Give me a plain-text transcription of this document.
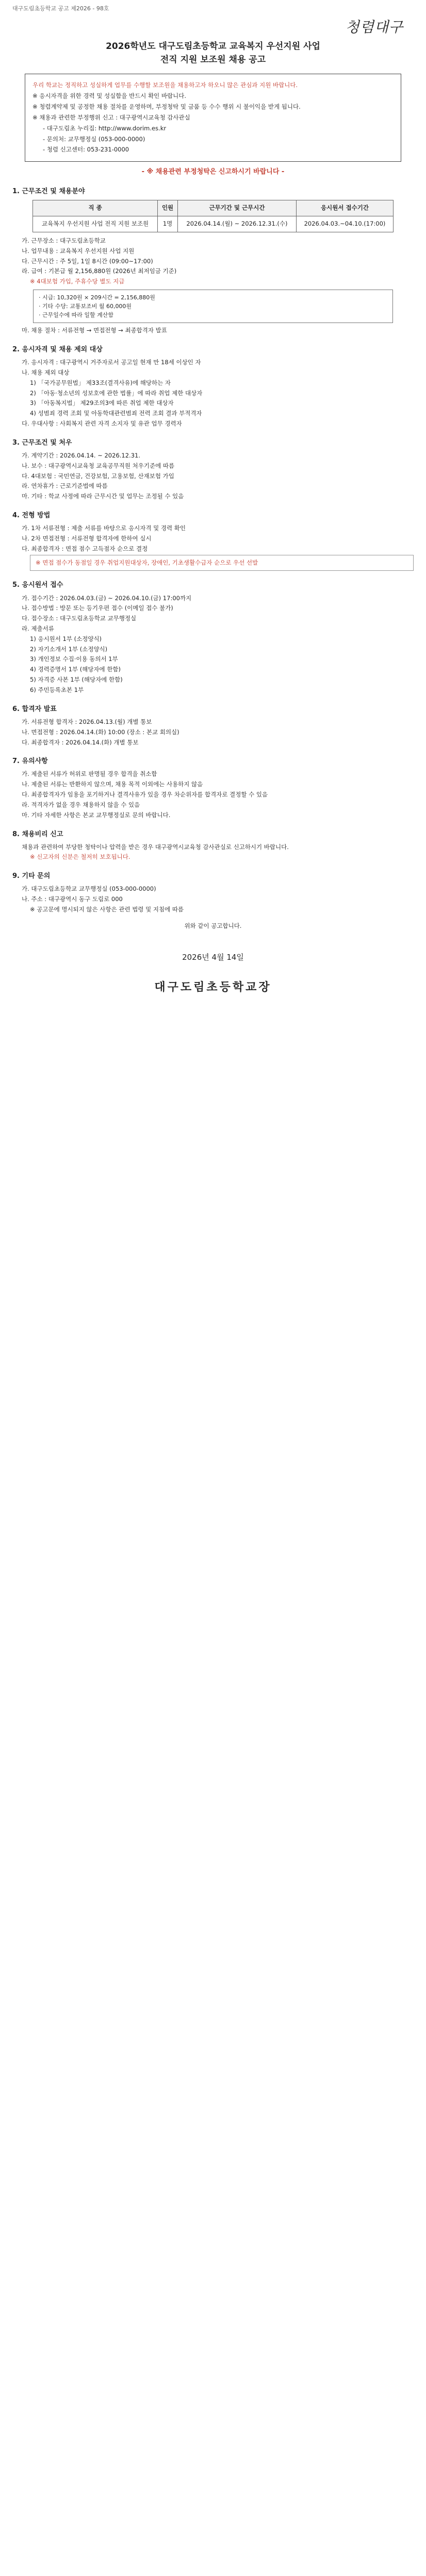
대구도림초등학교 공고 제2026 - 98호
청렴대구
2026학년도 대구도림초등학교 교육복지 우선지원 사업
전직 지원 보조원 채용 공고

우리 학교는 정직하고 성실하게 업무를 수행할 보조원을 채용하고자 하오니 많은 관심과 지원 바랍니다.

※ 응시자격을 위한 경력 및 성실함을 반드시 확인 바랍니다.

※ 청렴계약제 및 공정한 채용 절차를 운영하며, 부정청탁 및 금품 등 수수 행위 시 불이익을 받게 됩니다.

※ 채용과 관련한 부정행위 신고 : 대구광역시교육청 감사관실

- 대구도림초 누리집: http://www.dorim.es.kr

- 문의처: 교무행정실 (053-000-0000)

- 청렴 신고센터: 053-231-0000

- ※ 채용관련 부정청탁은 신고하시기 바랍니다 -
1. 근무조건 및 채용분야
직 종	인원	근무기간 및 근무시간	응시원서 접수기간
교육복지 우선지원 사업 전직 지원 보조원	1명	2026.04.14.(월) ~ 2026.12.31.(수)	2026.04.03.~04.10.(17:00)

가. 근무장소 : 대구도림초등학교

나. 업무내용 : 교육복지 우선지원 사업 지원

다. 근무시간 : 주 5일, 1일 8시간 (09:00~17:00)

라. 급여 : 기본급 월 2,156,880원 (2026년 최저임금 기준)

※ 4대보험 가입, 주휴수당 별도 지급

· 시급: 10,320원 × 209시간 = 2,156,880원
· 기타 수당: 교통보조비 월 60,000원
· 근무일수에 따라 일할 계산함

마. 채용 절차 : 서류전형 → 면접전형 → 최종합격자 발표

2. 응시자격 및 채용 제외 대상

가. 응시자격 : 대구광역시 거주자로서 공고일 현재 만 18세 이상인 자

나. 채용 제외 대상

1) 「국가공무원법」 제33조(결격사유)에 해당하는 자

2) 「아동·청소년의 성보호에 관한 법률」에 따라 취업 제한 대상자

3) 「아동복지법」 제29조의3에 따른 취업 제한 대상자

4) 성범죄 경력 조회 및 아동학대관련범죄 전력 조회 결과 부적격자

다. 우대사항 : 사회복지 관련 자격 소지자 및 유관 업무 경력자

3. 근무조건 및 처우

가. 계약기간 : 2026.04.14. ~ 2026.12.31.

나. 보수 : 대구광역시교육청 교육공무직원 처우기준에 따름

다. 4대보험 : 국민연금, 건강보험, 고용보험, 산재보험 가입

라. 연차휴가 : 근로기준법에 따름

마. 기타 : 학교 사정에 따라 근무시간 및 업무는 조정될 수 있음

4. 전형 방법

가. 1차 서류전형 : 제출 서류를 바탕으로 응시자격 및 경력 확인

나. 2차 면접전형 : 서류전형 합격자에 한하여 실시

다. 최종합격자 : 면접 점수 고득점자 순으로 결정

※ 면접 점수가 동점일 경우 취업지원대상자, 장애인, 기초생활수급자 순으로 우선 선발

5. 응시원서 접수

가. 접수기간 : 2026.04.03.(금) ~ 2026.04.10.(금) 17:00까지

나. 접수방법 : 방문 또는 등기우편 접수 (이메일 접수 불가)

다. 접수장소 : 대구도림초등학교 교무행정실

라. 제출서류

1) 응시원서 1부 (소정양식)

2) 자기소개서 1부 (소정양식)

3) 개인정보 수집·이용 동의서 1부

4) 경력증명서 1부 (해당자에 한함)

5) 자격증 사본 1부 (해당자에 한함)

6) 주민등록초본 1부

6. 합격자 발표

가. 서류전형 합격자 : 2026.04.13.(월) 개별 통보

나. 면접전형 : 2026.04.14.(화) 10:00 (장소 : 본교 회의실)

다. 최종합격자 : 2026.04.14.(화) 개별 통보

7. 유의사항

가. 제출된 서류가 허위로 판명될 경우 합격을 취소함

나. 제출된 서류는 반환하지 않으며, 채용 목적 이외에는 사용하지 않음

다. 최종합격자가 임용을 포기하거나 결격사유가 있을 경우 차순위자를 합격자로 결정할 수 있음

라. 적격자가 없을 경우 채용하지 않을 수 있음

마. 기타 자세한 사항은 본교 교무행정실로 문의 바랍니다.

8. 채용비리 신고

채용과 관련하여 부당한 청탁이나 압력을 받은 경우 대구광역시교육청 감사관실로 신고하시기 바랍니다.

※ 신고자의 신분은 철저히 보호됩니다.

9. 기타 문의

가. 대구도림초등학교 교무행정실 (053-000-0000)

나. 주소 : 대구광역시 동구 도림로 000

※ 공고문에 명시되지 않은 사항은 관련 법령 및 지침에 따름

위와 같이 공고합니다.

2026년 4월 14일
대구도림초등학교장
